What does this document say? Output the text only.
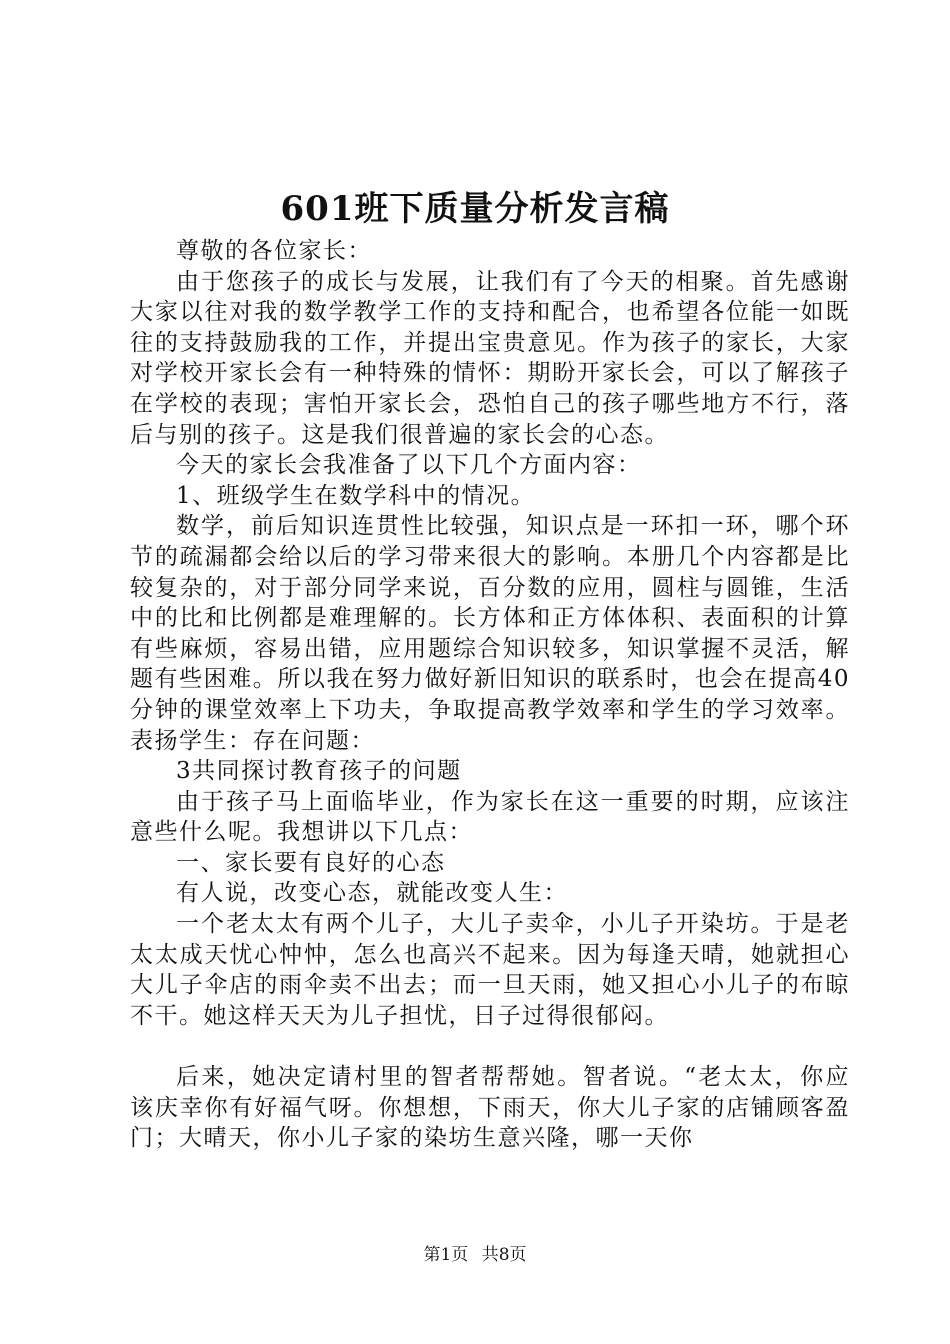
601班下质量分析发言稿

尊敬的各位家长：

由于您孩子的成长与发展，让我们有了今天的相聚。首先感谢大家以往对我的数学教学工作的支持和配合，也希望各位能一如既往的支持鼓励我的工作，并提出宝贵意见。作为孩子的家长，大家对学校开家长会有一种特殊的情怀：期盼开家长会，可以了解孩子在学校的表现；害怕开家长会，恐怕自己的孩子哪些地方不行，落后与别的孩子。这是我们很普遍的家长会的心态。

今天的家长会我准备了以下几个方面内容：

1、班级学生在数学科中的情况。

数学，前后知识连贯性比较强，知识点是一环扣一环，哪个环节的疏漏都会给以后的学习带来很大的影响。本册几个内容都是比较复杂的，对于部分同学来说，百分数的应用，圆柱与圆锥，生活中的比和比例都是难理解的。长方体和正方体体积、表面积的计算有些麻烦，容易出错，应用题综合知识较多，知识掌握不灵活，解题有些困难。所以我在努力做好新旧知识的联系时，也会在提高40分钟的课堂效率上下功夫，争取提高教学效率和学生的学习效率。表扬学生：存在问题：

3共同探讨教育孩子的问题

由于孩子马上面临毕业，作为家长在这一重要的时期，应该注意些什么呢。我想讲以下几点：

一、家长要有良好的心态

有人说，改变心态，就能改变人生：

一个老太太有两个儿子，大儿子卖伞，小儿子开染坊。于是老太太成天忧心忡忡，怎么也高兴不起来。因为每逢天晴，她就担心大儿子伞店的雨伞卖不出去；而一旦天雨，她又担心小儿子的布晾不干。她这样天天为儿子担忧，日子过得很郁闷。

后来，她决定请村里的智者帮帮她。智者说。“老太太，你应该庆幸你有好福气呀。你想想，下雨天，你大儿子家的店铺顾客盈门；大晴天，你小儿子家的染坊生意兴隆，哪一天你

第1页 共8页
